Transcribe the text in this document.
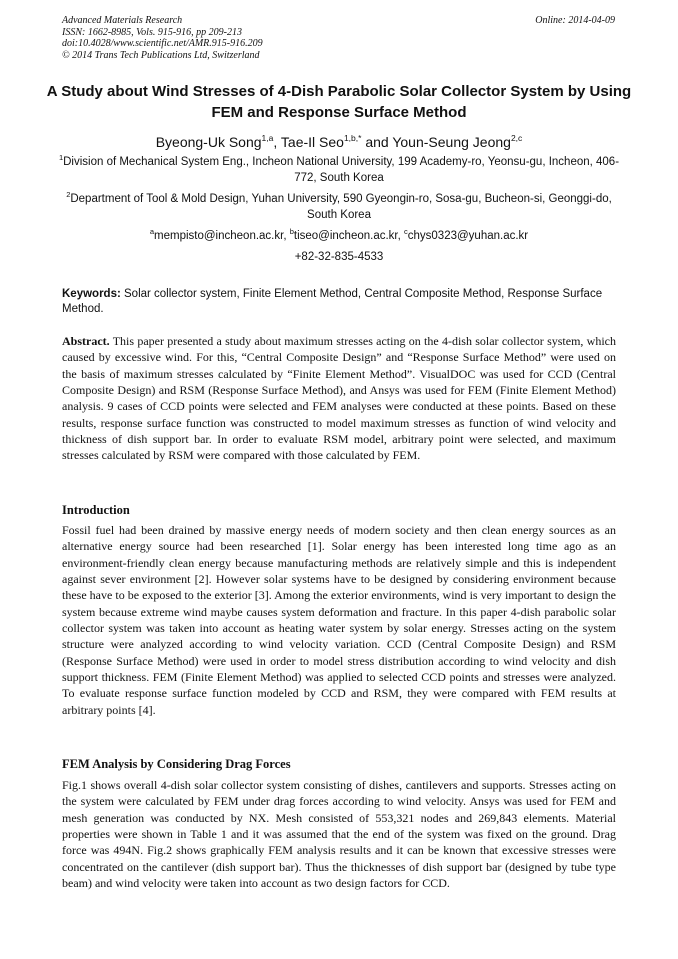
Advanced Materials Research
ISSN: 1662-8985, Vols. 915-916, pp 209-213
doi:10.4028/www.scientific.net/AMR.915-916.209
© 2014 Trans Tech Publications Ltd, Switzerland
Online: 2014-04-09
A Study about Wind Stresses of 4-Dish Parabolic Solar Collector System by Using FEM and Response Surface Method
Byeong-Uk Song$^{1,a}$, Tae-Il Seo$^{1,b,*}$ and Youn-Seung Jeong$^{2,c}$
$^1$Division of Mechanical System Eng., Incheon National University, 199 Academy-ro, Yeonsu-gu, Incheon, 406-772, South Korea
$^2$Department of Tool & Mold Design, Yuhan University, 590 Gyeongin-ro, Sosa-gu, Bucheon-si, Geonggi-do, South Korea
$^a$mempisto@incheon.ac.kr, $^b$tiseo@incheon.ac.kr, $^c$chys0323@yuhan.ac.kr
+82-32-835-4533
Keywords: Solar collector system, Finite Element Method, Central Composite Method, Response Surface Method.
Abstract. This paper presented a study about maximum stresses acting on the 4-dish solar collector system, which caused by excessive wind. For this, “Central Composite Design” and “Response Surface Method” were used on the basis of maximum stresses calculated by “Finite Element Method”. VisualDOC was used for CCD (Central Composite Design) and RSM (Response Surface Method), and Ansys was used for FEM (Finite Element Method) analysis. 9 cases of CCD points were selected and FEM analyses were conducted at these points. Based on these results, response surface function was constructed to model maximum stresses as function of wind velocity and thickness of dish support bar. In order to evaluate RSM model, arbitrary point were selected, and maximum stresses calculated by RSM were compared with those calculated by FEM.
Introduction
Fossil fuel had been drained by massive energy needs of modern society and then clean energy sources as an alternative energy source had been researched [1]. Solar energy has been interested long time ago as an environment-friendly clean energy because manufacturing methods are relatively simple and this is independent against sever environment [2]. However solar systems have to be designed by considering environment because these have to be exposed to the exterior [3]. Among the exterior environments, wind is very important to design the system because extreme wind maybe causes system deformation and fracture. In this paper 4-dish parabolic solar collector system was taken into account as heating water system by solar energy. Stresses acting on the system structure were analyzed according to wind velocity variation. CCD (Central Composite Design) and RSM (Response Surface Method) were used in order to model stress distribution according to wind velocity and dish support thickness. FEM (Finite Element Method) was applied to selected CCD points and stresses were analyzed. To evaluate response surface function modeled by CCD and RSM, they were compared with FEM results at arbitrary points [4].
FEM Analysis by Considering Drag Forces
Fig.1 shows overall 4-dish solar collector system consisting of dishes, cantilevers and supports. Stresses acting on the system were calculated by FEM under drag forces according to wind velocity. Ansys was used for FEM and mesh generation was conducted by NX. Mesh consisted of 553,321 nodes and 269,843 elements. Material properties were shown in Table 1 and it was assumed that the end of the system was fixed on the ground. Drag force was 494N. Fig.2 shows graphically FEM analysis results and it can be known that excessive stresses were concentrated on the cantilever (dish support bar). Thus the thicknesses of dish support bar (designed by tube type beam) and wind velocity were taken into account as two design factors for CCD.
